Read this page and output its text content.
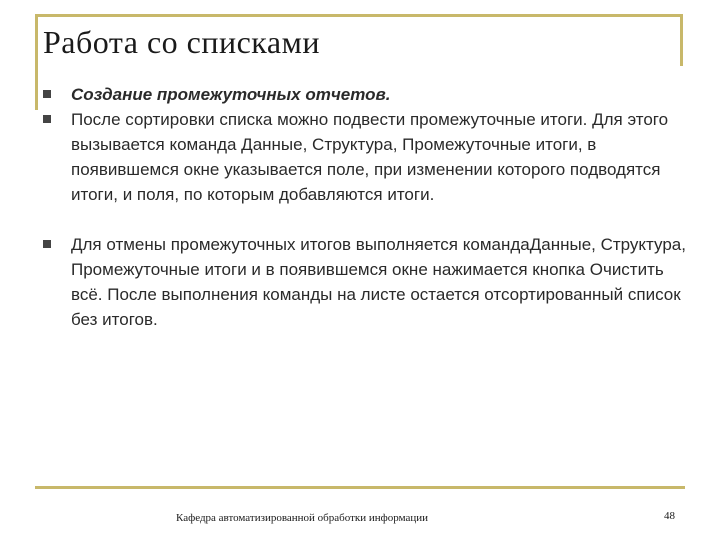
Работа со списками
Создание промежуточных отчетов.
После сортировки списка можно подвести промежуточные итоги. Для этого вызывается команда Данные, Структура, Промежуточные итоги, в появившемся окне указывается поле, при изменении которого подводятся итоги, и поля, по которым добавляются итоги.
Для отмены промежуточных итогов выполняется командаДанные, Структура, Промежуточные итоги и в появившемся окне нажимается кнопка Очистить всё. После выполнения команды на листе остается отсортированный список без итогов.
Кафедра автоматизированной обработки информации	48
